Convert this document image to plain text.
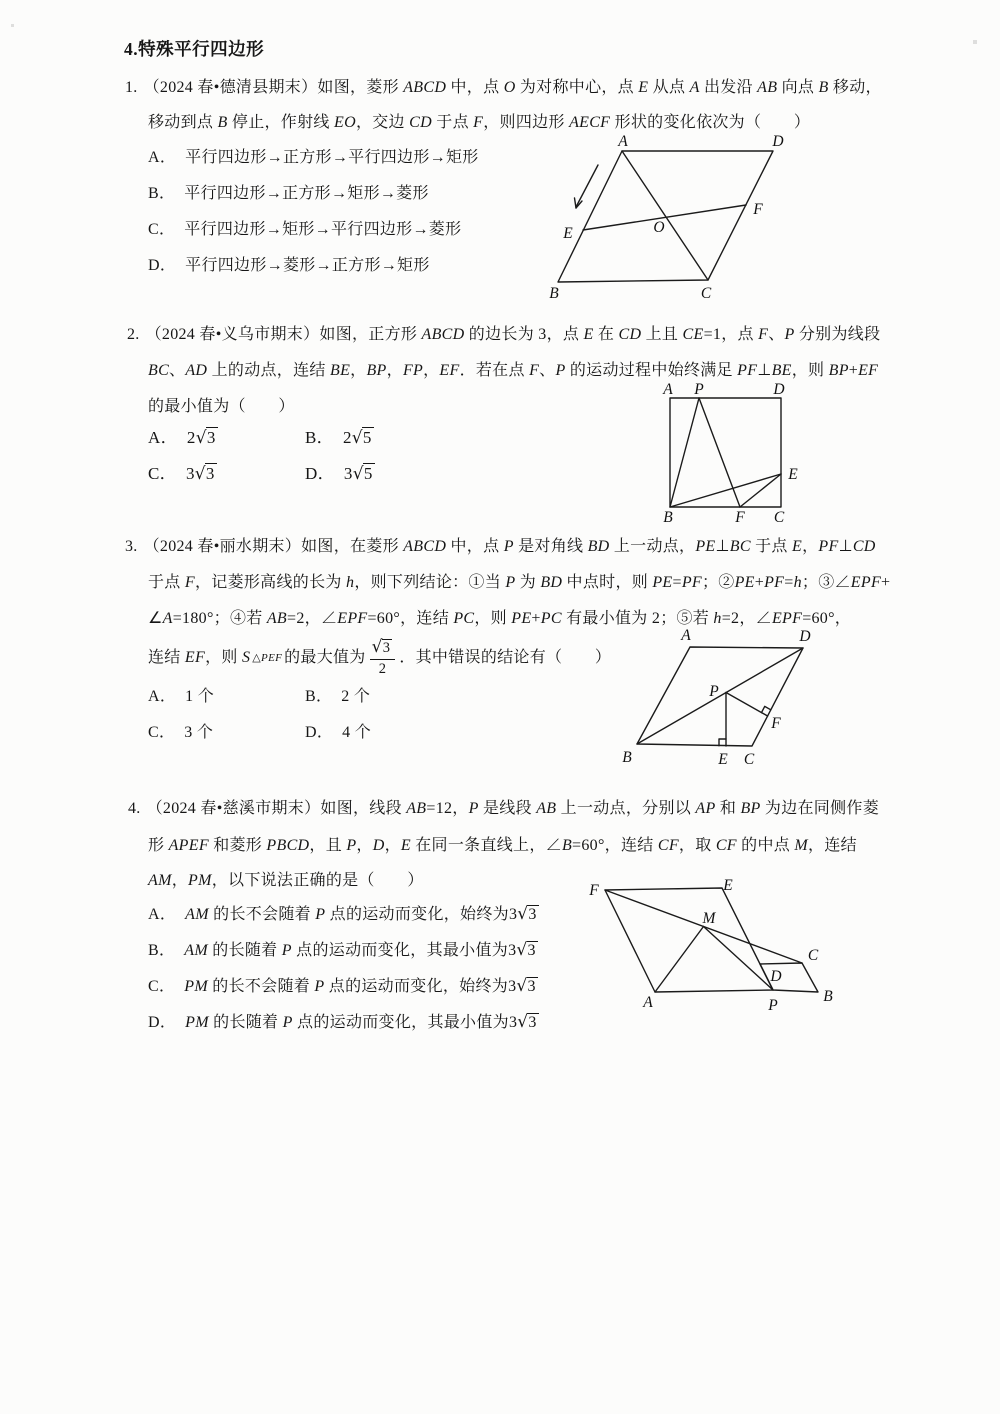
4.特殊平行四边形
1. （2024 春•德清县期末）如图，菱形 ABCD 中，点 O 为对称中心，点 E 从点 A 出发沿 AB 向点 B 移动，
移动到点 B 停止，作射线 EO，交边 CD 于点 F，则四边形 AECF 形状的变化依次为（　　）
A． 平行四边形→正方形→平行四边形→矩形
B． 平行四边形→正方形→矩形→菱形
C． 平行四边形→矩形→平行四边形→菱形
D． 平行四边形→菱形→正方形→矩形
A	D
B	C
E
F
O
2. （2024 春•义乌市期末）如图，正方形 ABCD 的边长为 3，点 E 在 CD 上且 CE=1，点 F、P 分别为线段
BC、AD 上的动点，连结 BE，BP，FP，EF．若在点 F、P 的运动过程中始终满足 PF⊥BE，则 BP+EF
的最小值为（　　）
A． 2√3	B． 2√5
C． 3√3	D． 3√5
A P	D
B	F C
E
3. （2024 春•丽水期末）如图，在菱形 ABCD 中，点 P 是对角线 BD 上一动点，PE⊥BC 于点 E，PF⊥CD
于点 F，记菱形高线的长为 h，则下列结论：①当 P 为 BD 中点时，则 PE=PF；②PE+PF=h；③∠EPF+
∠A=180°；④若 AB=2，∠EPF=60°，连结 PC，则 PE+PC 有最小值为 2；⑤若 h=2，∠EPF=60°，
连结 EF，则 S △PEF 的最大值为 $\frac{√3}{2}$ ．其中错误的结论有（　　）
A． 1 个	B． 2 个
C． 3 个	D． 4 个
A	D
B	E C
P
F
4. （2024 春•慈溪市期末）如图，线段 AB=12，P 是线段 AB 上一动点，分别以 AP 和 BP 为边在同侧作菱
形 APEF 和菱形 PBCD，且 P，D，E 在同一条直线上，∠B=60°，连结 CF，取 CF 的中点 M，连结
AM，PM，以下说法正确的是（　　）
A． AM 的长不会随着 P 点的运动而变化，始终为3√3
B． AM 的长随着 P 点的运动而变化，其最小值为3√3
C． PM 的长不会随着 P 点的运动而变化，始终为3√3
D． PM 的长随着 P 点的运动而变化，其最小值为3√3
F	E
M
A	P
B
C
D
